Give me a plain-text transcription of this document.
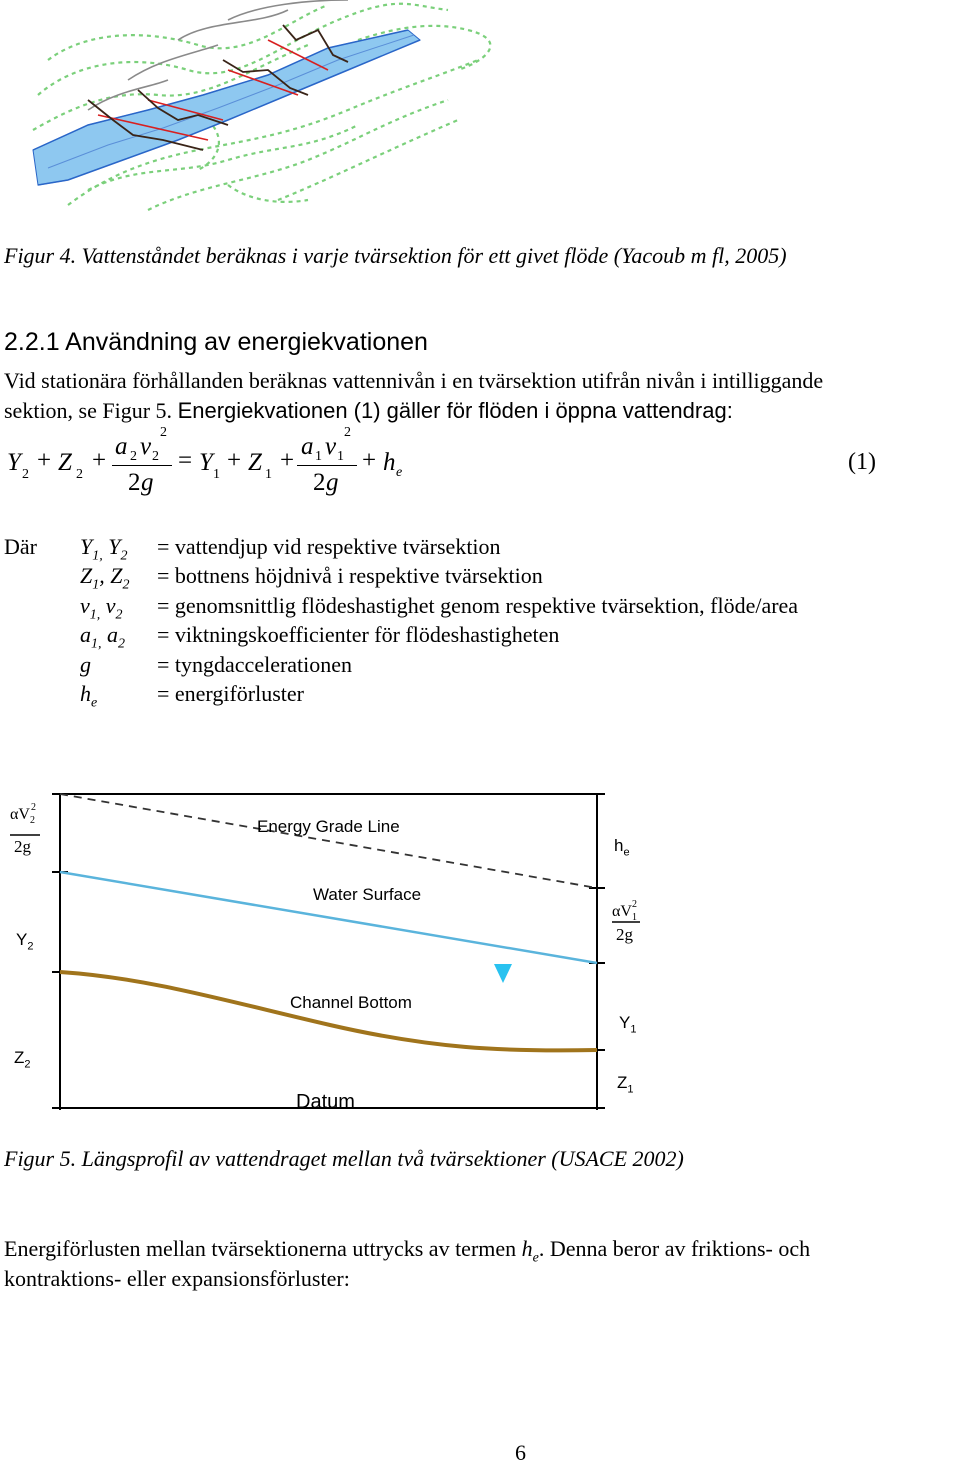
Figur 4. Vattenståndet beräknas i varje tvärsektion för ett givet flöde (Yacoub m fl, 2005)
2.2.1 Användning av energiekvationen
Vid stationära förhållanden beräknas vattennivån i en tvärsektion utifrån nivån i intilliggande
sektion, se Figur 5. Energiekvationen (1) gäller för flöden i öppna vattendrag:
Y 2
+ Z 2
+
a 2 v 2
2
2 g
= Y 1
+ Z 1
+
a 1 v 1
2
2 g
+ h e	(1)
Där $Y_{1,}$ $Y_2$ = vattendjup vid respektive tvärsektion
$Z_1$, $Z_2$ = bottnens höjdnivå i respektive tvärsektion
$v_{1,}$ $v_2$ = genomsnittlig flödeshastighet genom respektive tvärsektion, flöde/area
$a_{1,}$ $a_2$ = viktningskoefficienter för flödeshastigheten
g	= tyngdaccelerationen
$h_e$	= energiförluster
Energy Grade Line
Water Surface
Channel Bottom
Datum
$\alpha V_2$
2
2g
$Y_2$
$Z_2$
$h_e$
$\alpha V_1$
2
2g
$Y_1$
$Z_1$
Figur 5. Längsprofil av vattendraget mellan två tvärsektioner (USACE 2002)
Energiförlusten mellan tvärsektionerna uttrycks av termen $h_e$. Denna beror av friktions- och
kontraktions- eller expansionsförluster:
6
